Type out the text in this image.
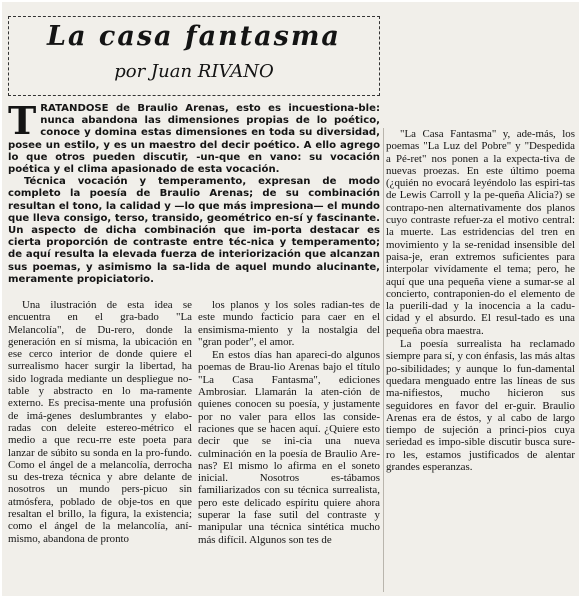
La casa fantasma
por Juan RIVANO

TRATANDOSE de Braulio Arenas, esto es incuestiona-ble: nunca abandona las dimensiones propias de lo poético, conoce y domina estas dimensiones en toda su diversidad, posee un estilo, y es un maestro del decir poético. A ello agrego lo que otros pueden discutir, -un-que en vano: su vocación poética y el clima apasionado de esta vocación.

Técnica vocación y temperamento, expresan de modo completo la poesía de Braulio Arenas; de su combinación resultan el tono, la calidad y —lo que más impresiona— el mundo que lleva consigo, terso, transido, geométrico en-sí y fascinante. Un aspecto de dicha combinación que im-porta destacar es cierta proporción de contraste entre téc-nica y temperamento; de aquí resulta la elevada fuerza de interiorización que alcanzan sus poemas, y asimismo la sa-lida de aquel mundo alucinante, meramente propiciatorio.

Una ilustración de esta idea se encuentra en el gra-bado "La Melancolía", de Du-rero, donde la generación en sí misma, la ubicación en ese cerco interior de donde quiere el surrealismo hacer surgir la libertad, ha sido lograda mediante un despliegue no-table y abstracto en lo ma-ramente externo. Es precisa-mente una profusión de imá-genes deslumbrantes y elabo-radas con deleite estereo-métrico el medio a que recu-rre este poeta para lanzar de súbito su sonda en la pro-fundo. Como el ángel de a melancolía, derrocha su des-treza técnica y abre delante de nosotros un mundo pers-picuo sin atmósfera, poblado de obje-tos en que resaltan el brillo, la figura, la existencia; como el ángel de la melancolía, aní-mismo, abandona de pronto

los planos y los soles radian-tes de este mundo facticio para caer en el ensimisma-miento y la nostalgia del "gran poder", el amor.

En estos días han apareci-do algunos poemas de Brau-lio Arenas bajo el título "La Casa Fantasma", ediciones Ambrosiar. Llamarán la aten-ción de quienes conocen su poesía, y justamente por no valer para ellos las conside-raciones que se hacen aquí. ¿Quiere esto decir que se ini-cia una nueva culminación en la poesía de Braulio Are-nas? El mismo lo afirma en el soneto inicial. Nosotros es-tábamos familiarizados con su técnica surrealista, pero este delicado espíritu quiere ahora superar la fase sutil del contraste y manipular una técnica sintética mucho más difícil. Algunos son tes de

"La Casa Fantasma" y, ade-más, los poemas "La Luz del Pobre" y "Despedida a Pé-ret" nos ponen a la expecta-tiva de nuevas proezas. En este último poema (¿quién no evocará leyéndolo las espiri-tas de Lewis Carroll y la pe-queña Alicia?) se contrapo-nen alternativamente dos planos cuyo contraste refuer-za el motivo central: la muerte. Las estridencias del tren en movimiento y la se-renidad insensible del paisa-je, eran extremos suficientes para interpolar vivídamente el tema; pero, he aquí que una pequeña viene a sumar-se al concierto, contraponien-do el elemento de la puerili-dad y la inocencia a la cadu-cidad y el absurdo. El resul-tado es una pequeña obra maestra.

La poesía surrealista ha reclamado siempre para sí, y con énfasis, las más altas po-sibilidades; y aunque lo fun-damental quedara menguado entre las líneas de sus ma-nifiestos, mucho hicieron sus seguidores en favor del er-guir. Braulio Arenas era de éstos, y al cabo de largo tiempo de sujeción a princi-pios cuya seriedad es impo-sible discutir busca sure-ro les, estamos justificados de alentar grandes esperanzas.
